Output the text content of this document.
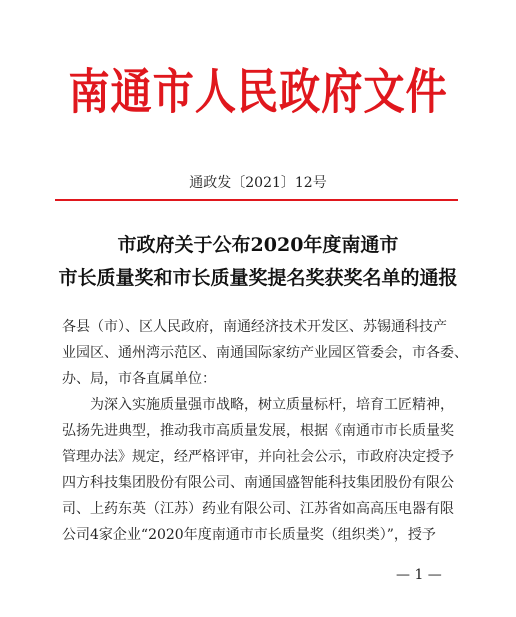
南通市人民政府文件
通政发〔2021〕12号
市政府关于公布2020年度南通市
市长质量奖和市长质量奖提名奖获奖名单的通报
各县（市）、区人民政府，南通经济技术开发区、苏锡通科技产
业园区、通州湾示范区、南通国际家纺产业园区管委会，市各委、
办、局，市各直属单位：
为深入实施质量强市战略，树立质量标杆，培育工匠精神，
弘扬先进典型，推动我市高质量发展，根据《南通市市长质量奖
管理办法》规定，经严格评审，并向社会公示，市政府决定授予
四方科技集团股份有限公司、南通国盛智能科技集团股份有限公
司、上药东英（江苏）药业有限公司、江苏省如高高压电器有限
公司4家企业“2020年度南通市市长质量奖（组织类）”，授予
— 1 —
